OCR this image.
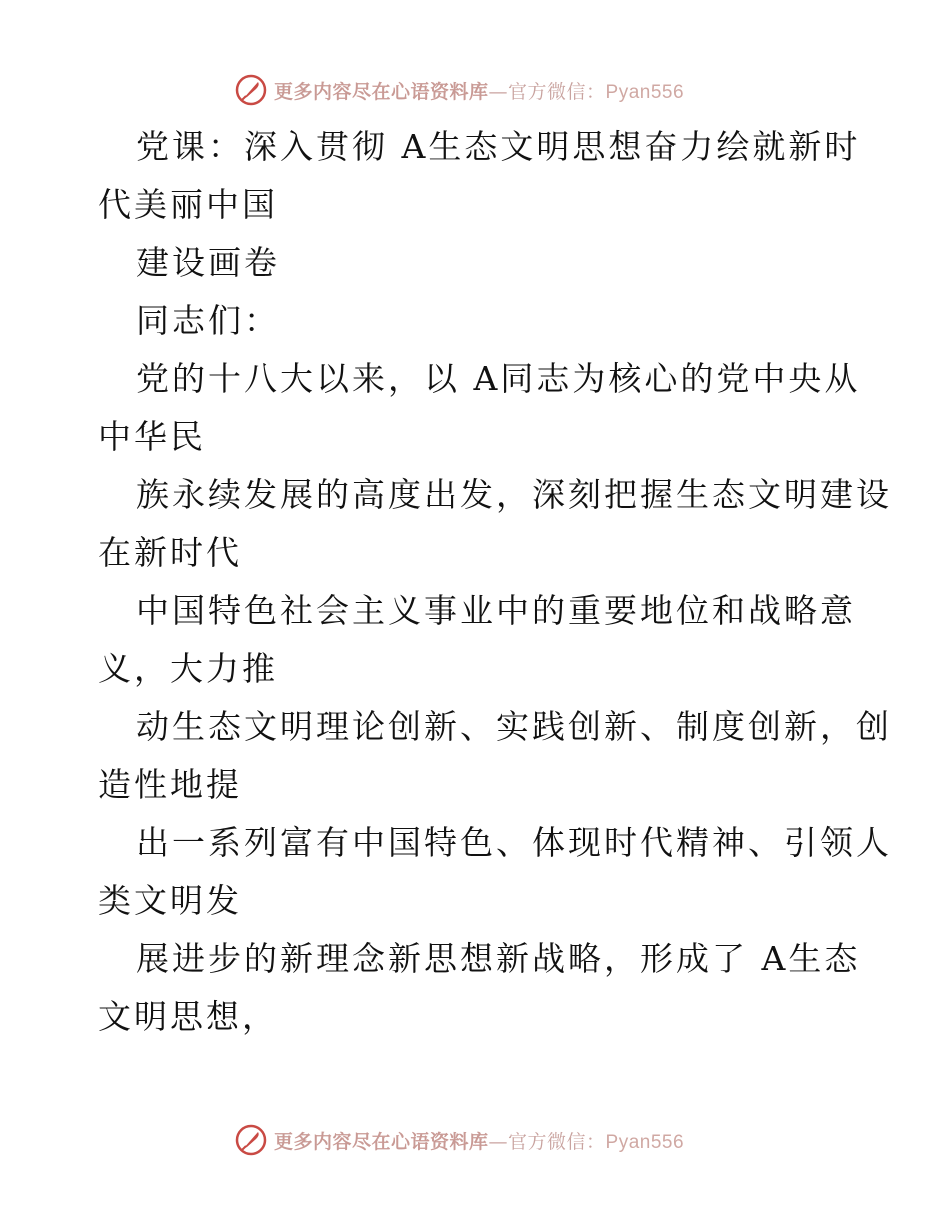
更多内容尽在心语资料库—官方微信：Pyan556
党课：深入贯彻 A生态文明思想奋力绘就新时
代美丽中国
建设画卷
同志们：
党的十八大以来，以 A同志为核心的党中央从
中华民
族永续发展的高度出发，深刻把握生态文明建设
在新时代
中国特色社会主义事业中的重要地位和战略意
义，大力推
动生态文明理论创新、实践创新、制度创新，创
造性地提
出一系列富有中国特色、体现时代精神、引领人
类文明发
展进步的新理念新思想新战略，形成了 A生态
文明思想，
更多内容尽在心语资料库—官方微信：Pyan556
